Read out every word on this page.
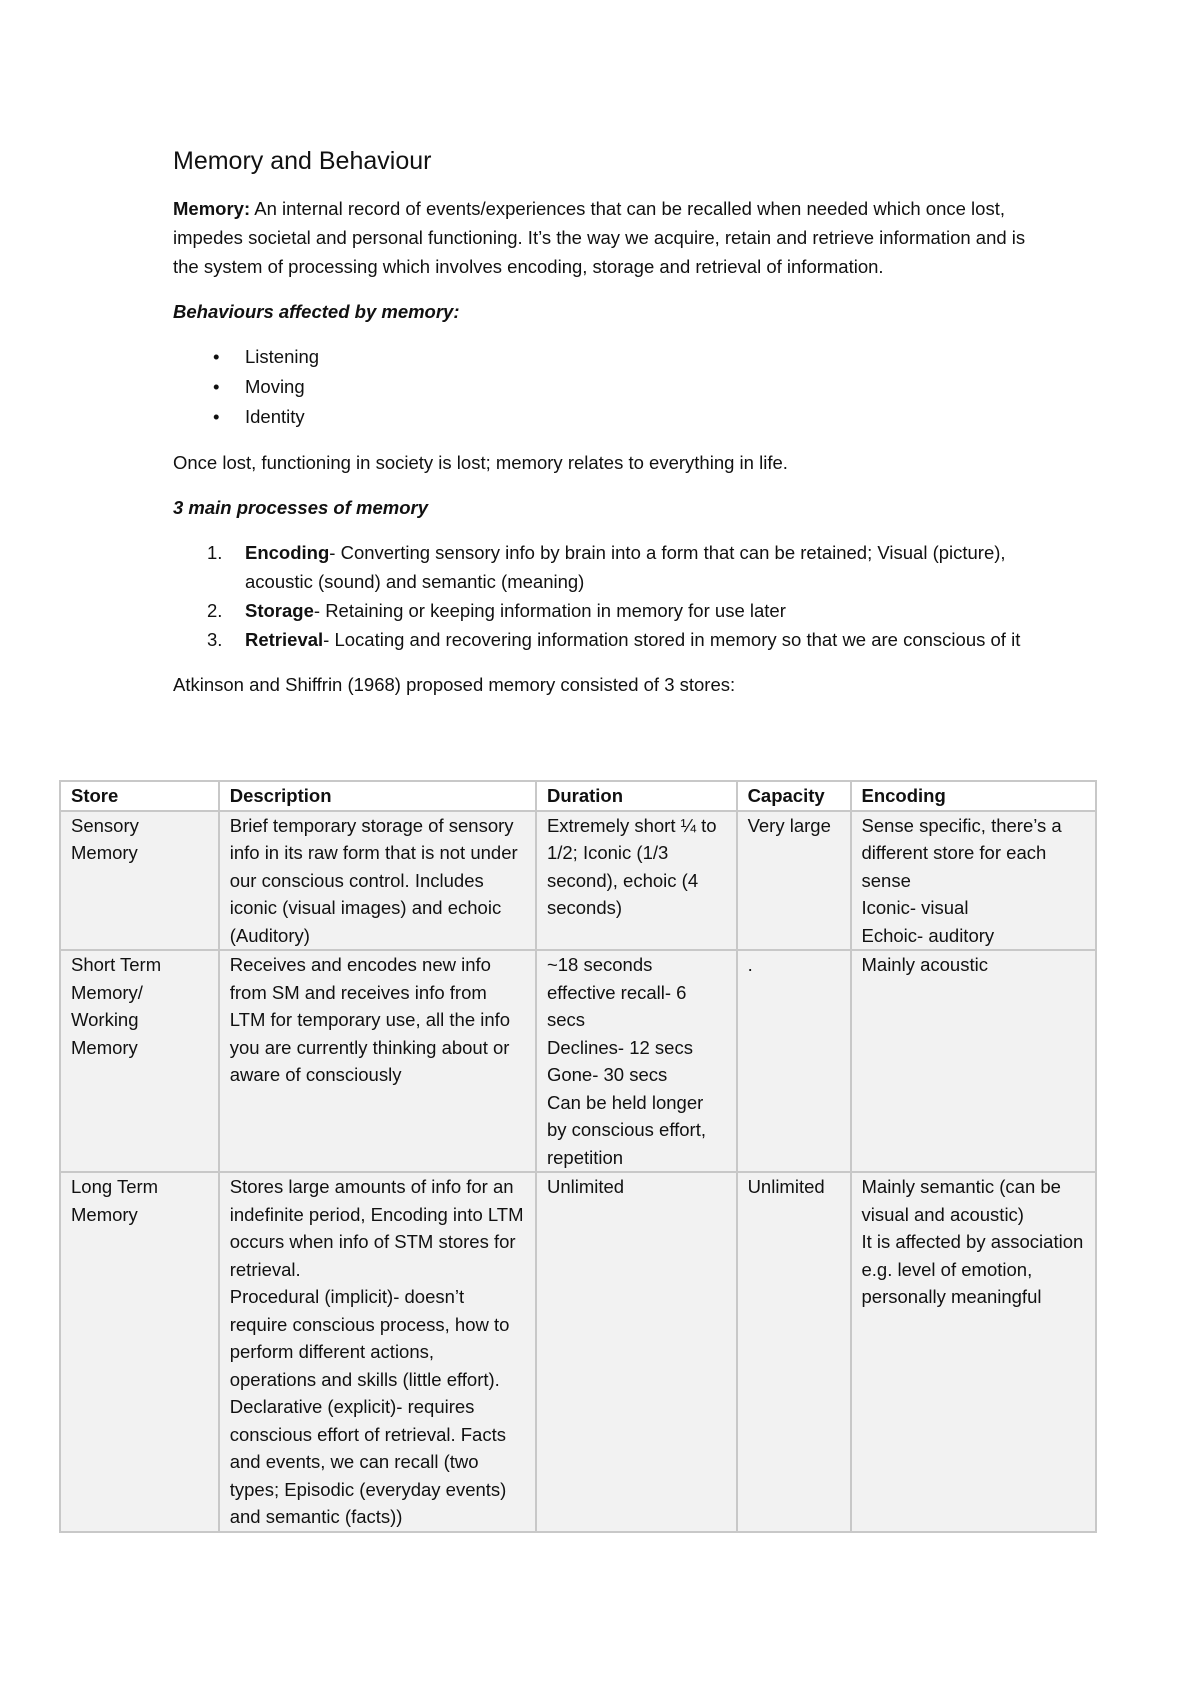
Memory and Behaviour

Memory: An internal record of events/experiences that can be recalled when needed which once lost, impedes societal and personal functioning. It’s the way we acquire, retain and retrieve information and is the system of processing which involves encoding, storage and retrieval of information.

Behaviours affected by memory:

• Listening
• Moving
• Identity

Once lost, functioning in society is lost; memory relates to everything in life.

3 main processes of memory

1. Encoding- Converting sensory info by brain into a form that can be retained; Visual (picture), acoustic (sound) and semantic (meaning)
2. Storage- Retaining or keeping information in memory for use later
3. Retrieval- Locating and recovering information stored in memory so that we are conscious of it

Atkinson and Shiffrin (1968) proposed memory consisted of 3 stores:

Store	Description	Duration	Capacity	Encoding
Sensory Memory	Brief temporary storage of sensory info in its raw form that is not under our conscious control. Includes iconic (visual images) and echoic (Auditory)	Extremely short ¼ to 1/2; Iconic (1/3 second), echoic (4 seconds)	Very large	Sense specific, there’s a different store for each sense
Iconic- visual
Echoic- auditory

Short Term Memory/ Working Memory	Receives and encodes new info from SM and receives info from LTM for temporary use, all the info you are currently thinking about or aware of consciously	~18 seconds effective recall- 6 secs
Declines- 12 secs
Gone- 30 secs
Can be held longer by conscious effort, repetition	.	Mainly acoustic

Long Term Memory	Stores large amounts of info for an indefinite period, Encoding into LTM occurs when info of STM stores for retrieval.
Procedural (implicit)- doesn’t require conscious process, how to perform different actions, operations and skills (little effort).
Declarative (explicit)- requires conscious effort of retrieval. Facts and events, we can recall (two types; Episodic (everyday events) and semantic (facts))	Unlimited	Unlimited	Mainly semantic (can be visual and acoustic)
It is affected by association e.g. level of emotion, personally meaningful
